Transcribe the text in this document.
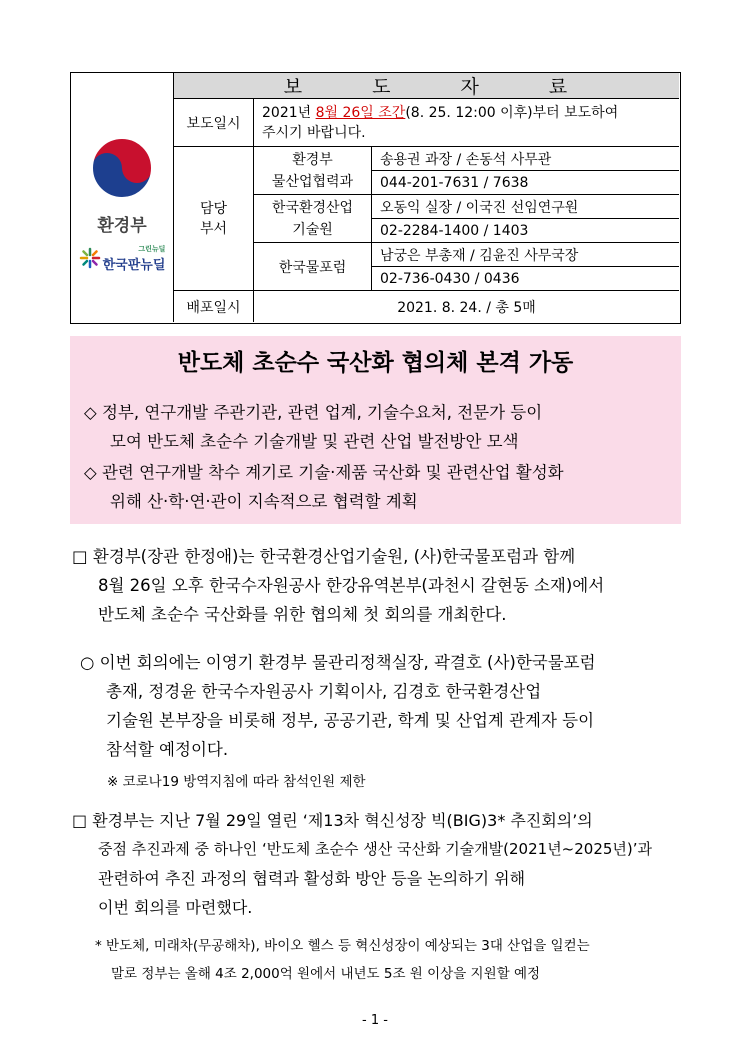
환경부
그린뉴딜
한국판뉴딜
보 도 자 료
보도일시
2021년 8월 26일 조간(8. 25. 12:00 이후)부터 보도하여
주시기 바랍니다.
담당
부서
환경부
물산업협력과
송용권 과장 / 손동석 사무관
044-201-7631 / 7638
한국환경산업
기술원
오동익 실장 / 이국진 선임연구원
02-2284-1400 / 1403
한국물포럼
남궁은 부총재 / 김윤진 사무국장
02-736-0430 / 0436
배포일시	2021. 8. 24. / 총 5매
반도체 초순수 국산화 협의체 본격 가동
◇ 정부, 연구개발 주관기관, 관련 업계, 기술수요처, 전문가 등이
모여 반도체 초순수 기술개발 및 관련 산업 발전방안 모색
◇ 관련 연구개발 착수 계기로 기술·제품 국산화 및 관련산업 활성화
위해 산·학·연·관이 지속적으로 협력할 계획
□ 환경부(장관 한정애)는 한국환경산업기술원, (사)한국물포럼과 함께
8월 26일 오후 한국수자원공사 한강유역본부(과천시 갈현동 소재)에서
반도체 초순수 국산화를 위한 협의체 첫 회의를 개최한다.
○ 이번 회의에는 이영기 환경부 물관리정책실장, 곽결호 (사)한국물포럼
총재, 정경윤 한국수자원공사 기획이사, 김경호 한국환경산업
기술원 본부장을 비롯해 정부, 공공기관, 학계 및 산업계 관계자 등이
참석할 예정이다.
※ 코로나19 방역지침에 따라 참석인원 제한
□ 환경부는 지난 7월 29일 열린 ‘제13차 혁신성장 빅(BIG)3* 추진회의’의
중점 추진과제 중 하나인 ‘반도체 초순수 생산 국산화 기술개발(2021년~2025년)’과
관련하여 추진 과정의 협력과 활성화 방안 등을 논의하기 위해
이번 회의를 마련했다.
* 반도체, 미래차(무공해차), 바이오 헬스 등 혁신성장이 예상되는 3대 산업을 일컫는
말로 정부는 올해 4조 2,000억 원에서 내년도 5조 원 이상을 지원할 예정
- 1 -
